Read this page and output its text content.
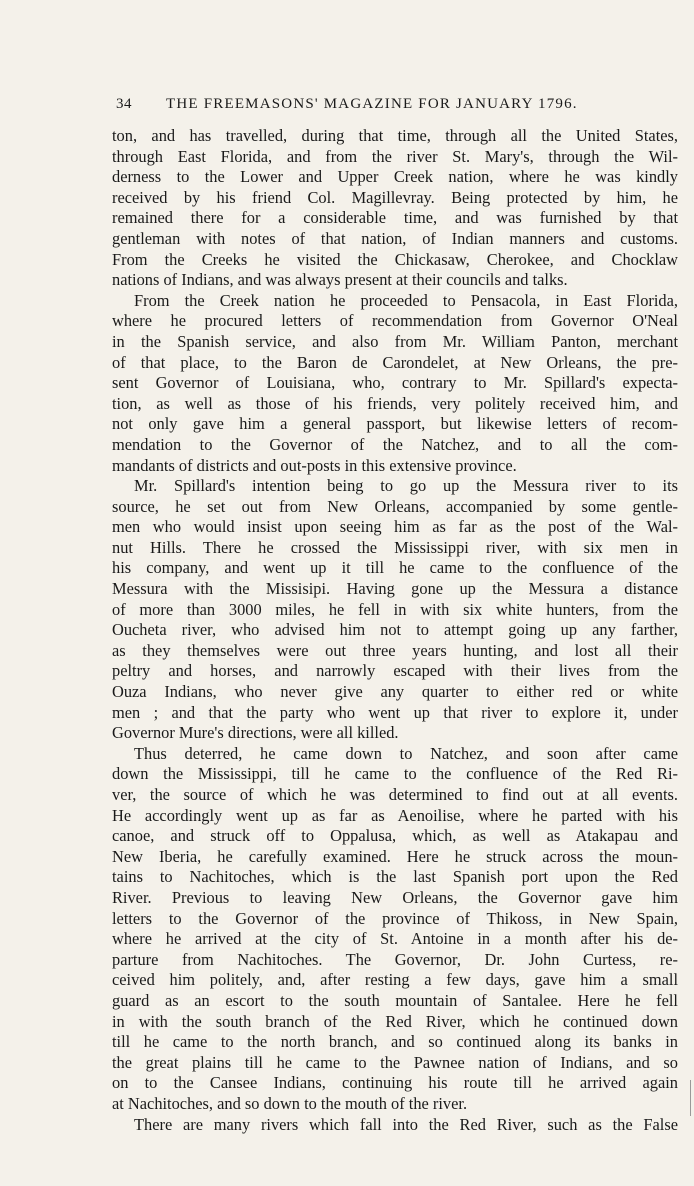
34 THE FREEMASONS' MAGAZINE FOR JANUARY 1796.
ton, and has travelled, during that time, through all the United States,
through East Florida, and from the river St. Mary's, through the Wil-
derness to the Lower and Upper Creek nation, where he was kindly
received by his friend Col. Magillevray. Being protected by him, he
remained there for a considerable time, and was furnished by that
gentleman with notes of that nation, of Indian manners and customs.
From the Creeks he visited the Chickasaw, Cherokee, and Chocklaw
nations of Indians, and was always present at their councils and talks.
From the Creek nation he proceeded to Pensacola, in East Florida,
where he procured letters of recommendation from Governor O'Neal
in the Spanish service, and also from Mr. William Panton, merchant
of that place, to the Baron de Carondelet, at New Orleans, the pre-
sent Governor of Louisiana, who, contrary to Mr. Spillard's expecta-
tion, as well as those of his friends, very politely received him, and
not only gave him a general passport, but likewise letters of recom-
mendation to the Governor of the Natchez, and to all the com-
mandants of districts and out-posts in this extensive province.
Mr. Spillard's intention being to go up the Messura river to its
source, he set out from New Orleans, accompanied by some gentle-
men who would insist upon seeing him as far as the post of the Wal-
nut Hills. There he crossed the Mississippi river, with six men in
his company, and went up it till he came to the confluence of the
Messura with the Missisipi. Having gone up the Messura a distance
of more than 3000 miles, he fell in with six white hunters, from the
Oucheta river, who advised him not to attempt going up any farther,
as they themselves were out three years hunting, and lost all their
peltry and horses, and narrowly escaped with their lives from the
Ouza Indians, who never give any quarter to either red or white
men ; and that the party who went up that river to explore it, under
Governor Mure's directions, were all killed.
Thus deterred, he came down to Natchez, and soon after came
down the Mississippi, till he came to the confluence of the Red Ri-
ver, the source of which he was determined to find out at all events.
He accordingly went up as far as Aenoilise, where he parted with his
canoe, and struck off to Oppalusa, which, as well as Atakapau and
New Iberia, he carefully examined. Here he struck across the moun-
tains to Nachitoches, which is the last Spanish port upon the Red
River. Previous to leaving New Orleans, the Governor gave him
letters to the Governor of the province of Thikoss, in New Spain,
where he arrived at the city of St. Antoine in a month after his de-
parture from Nachitoches. The Governor, Dr. John Curtess, re-
ceived him politely, and, after resting a few days, gave him a small
guard as an escort to the south mountain of Santalee. Here he fell
in with the south branch of the Red River, which he continued down
till he came to the north branch, and so continued along its banks in
the great plains till he came to the Pawnee nation of Indians, and so
on to the Cansee Indians, continuing his route till he arrived again
at Nachitoches, and so down to the mouth of the river.
There are many rivers which fall into the Red River, such as the False
